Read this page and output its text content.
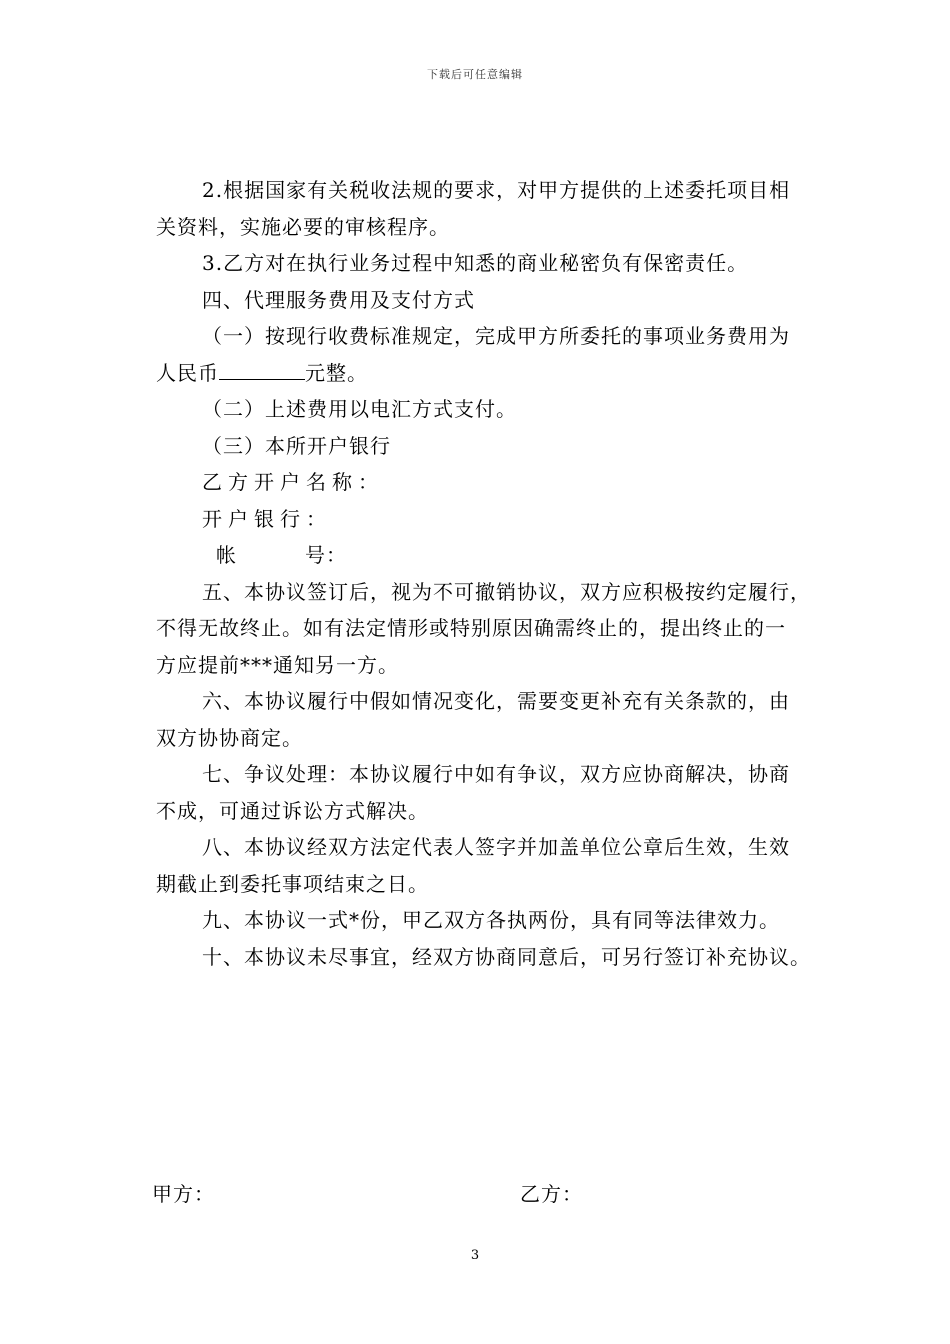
下载后可任意编辑
2.根据国家有关税收法规的要求，对甲方提供的上述委托项目相
关资料，实施必要的审核程序。
3.乙方对在执行业务过程中知悉的商业秘密负有保密责任。
四、代理服务费用及支付方式
（一）按现行收费标准规定，完成甲方所委托的事项业务费用为
人民币	元整。
（二）上述费用以电汇方式支付。
（三）本所开户银行
乙方开户名称：
开户银行：
帐	号：
五、本协议签订后，视为不可撤销协议，双方应积极按约定履行，
不得无故终止。如有法定情形或特别原因确需终止的，提出终止的一
方应提前***通知另一方。
六、本协议履行中假如情况变化，需要变更补充有关条款的，由
双方协协商定。
七、争议处理：本协议履行中如有争议，双方应协商解决，协商
不成，可通过诉讼方式解决。
八、本协议经双方法定代表人签字并加盖单位公章后生效，生效
期截止到委托事项结束之日。
九、本协议一式*份，甲乙双方各执两份，具有同等法律效力。
十、本协议未尽事宜，经双方协商同意后，可另行签订补充协议。
甲方：	乙方：
3
